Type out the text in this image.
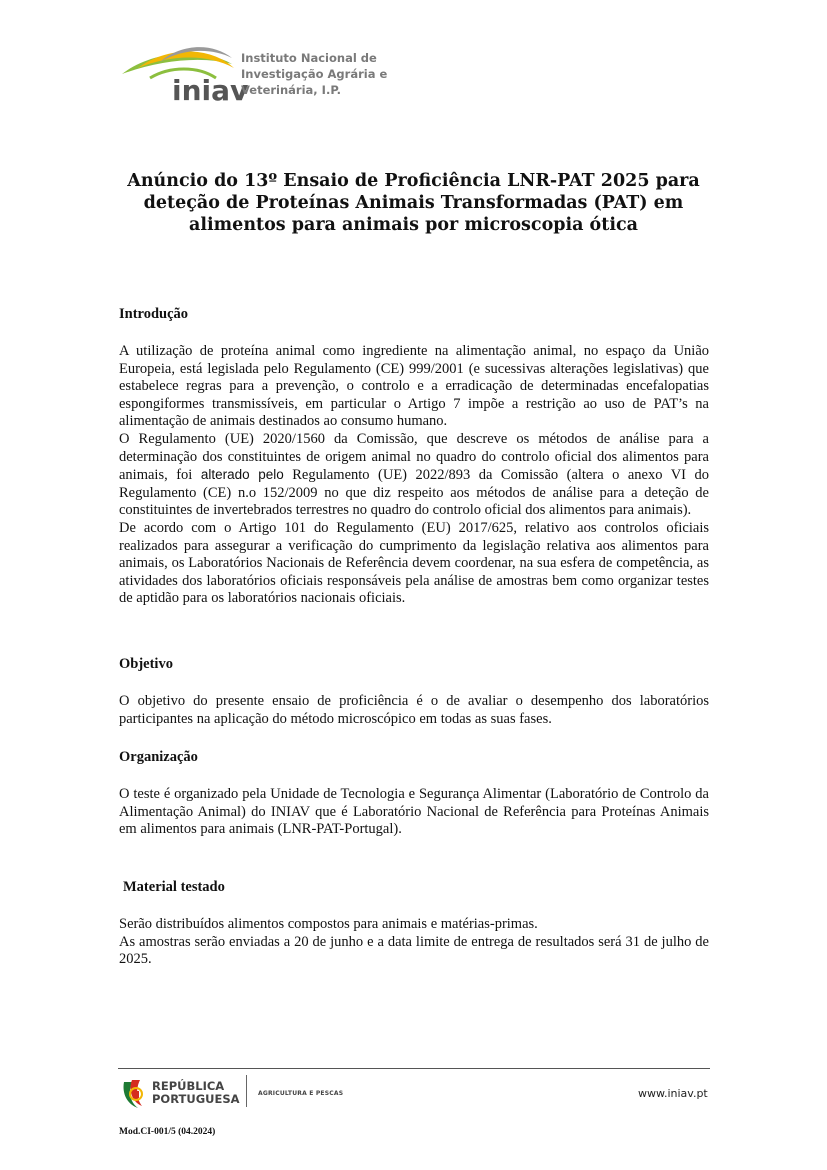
iniav
Instituto Nacional de
Investigação Agrária e
Veterinária, I.P.
Anúncio do 13º Ensaio de Proficiência LNR-PAT 2025 para deteção de Proteínas Animais Transformadas (PAT) em alimentos para animais por microscopia ótica
Introdução

A utilização de proteína animal como ingrediente na alimentação animal, no espaço da União Europeia, está legislada pelo Regulamento (CE) 999/2001 (e sucessivas alterações legislativas) que estabelece regras para a prevenção, o controlo e a erradicação de determinadas encefalopatias espongiformes transmissíveis, em particular o Artigo 7 impõe a restrição ao uso de PAT’s na alimentação de animais destinados ao consumo humano.

O Regulamento (UE) 2020/1560 da Comissão, que descreve os métodos de análise para a determinação dos constituintes de origem animal no quadro do controlo oficial dos alimentos para animais, foi alterado pelo Regulamento (UE) 2022/893 da Comissão (altera o anexo VI do Regulamento (CE) n.o 152/2009 no que diz respeito aos métodos de análise para a deteção de constituintes de invertebrados terrestres no quadro do controlo oficial dos alimentos para animais).

De acordo com o Artigo 101 do Regulamento (EU) 2017/625, relativo aos controlos oficiais realizados para assegurar a verificação do cumprimento da legislação relativa aos alimentos para animais, os Laboratórios Nacionais de Referência devem coordenar, na sua esfera de competência, as atividades dos laboratórios oficiais responsáveis pela análise de amostras bem como organizar testes de aptidão para os laboratórios nacionais oficiais.

Objetivo

O objetivo do presente ensaio de proficiência é o de avaliar o desempenho dos laboratórios participantes na aplicação do método microscópico em todas as suas fases.

Organização

O teste é organizado pela Unidade de Tecnologia e Segurança Alimentar (Laboratório de Controlo da Alimentação Animal) do INIAV que é Laboratório Nacional de Referência para Proteínas Animais em alimentos para animais (LNR-PAT-Portugal).

Material testado

Serão distribuídos alimentos compostos para animais e matérias-primas.

As amostras serão enviadas a 20 de junho e a data limite de entrega de resultados será 31 de julho de 2025.

REPÚBLICA
PORTUGUESA	AGRICULTURA E PESCAS	www.iniav.pt
Mod.CI-001/5 (04.2024)
